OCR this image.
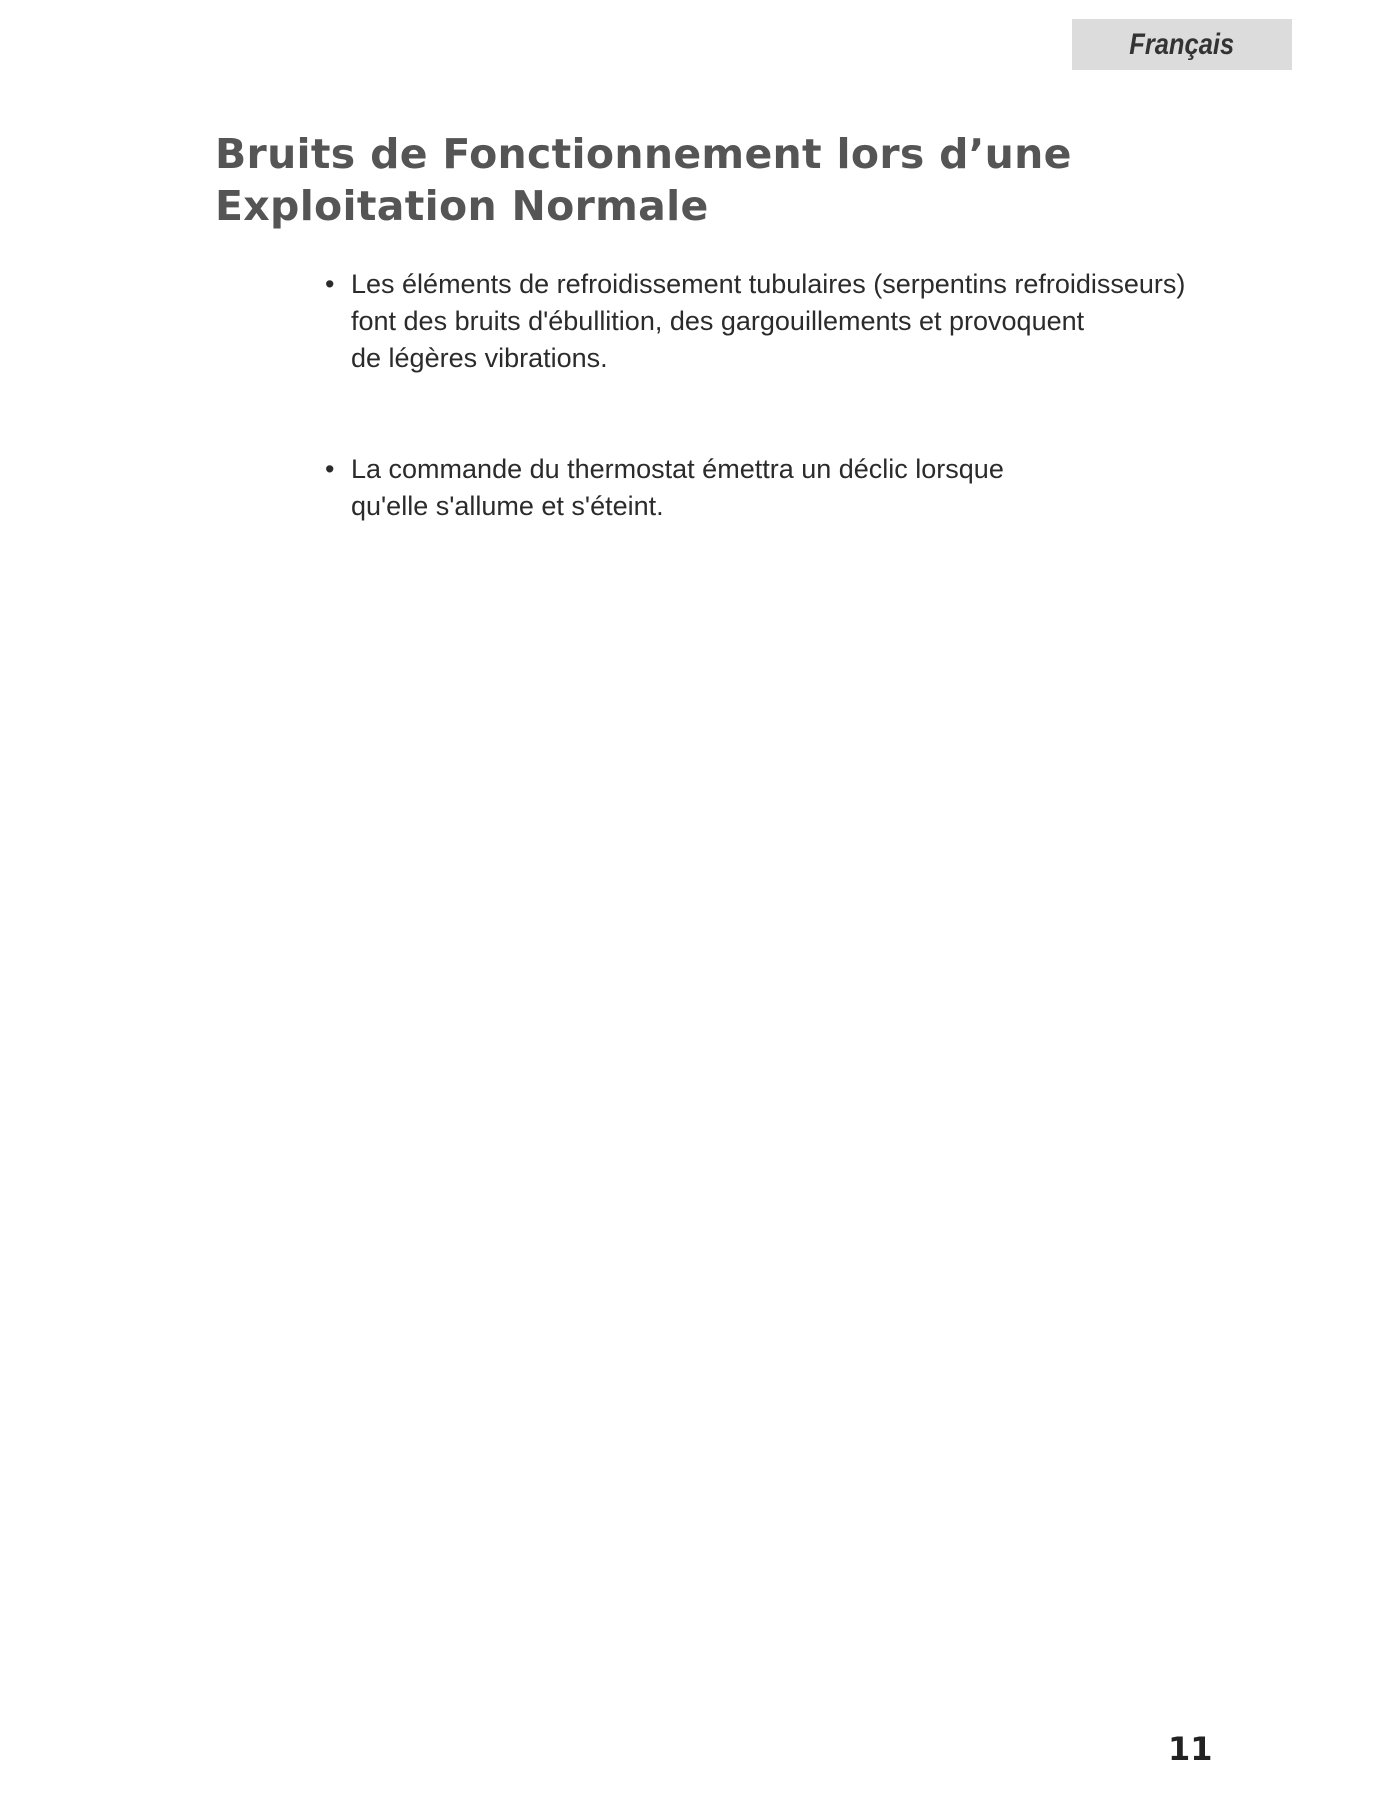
Français
Bruits de Fonctionnement lors d’une
Exploitation Normale
• Les éléments de refroidissement tubulaires (serpentins refroidisseurs)
font des bruits d'ébullition, des gargouillements et provoquent
de légères vibrations.
• La commande du thermostat émettra un déclic lorsque
qu'elle s'allume et s'éteint.
11
